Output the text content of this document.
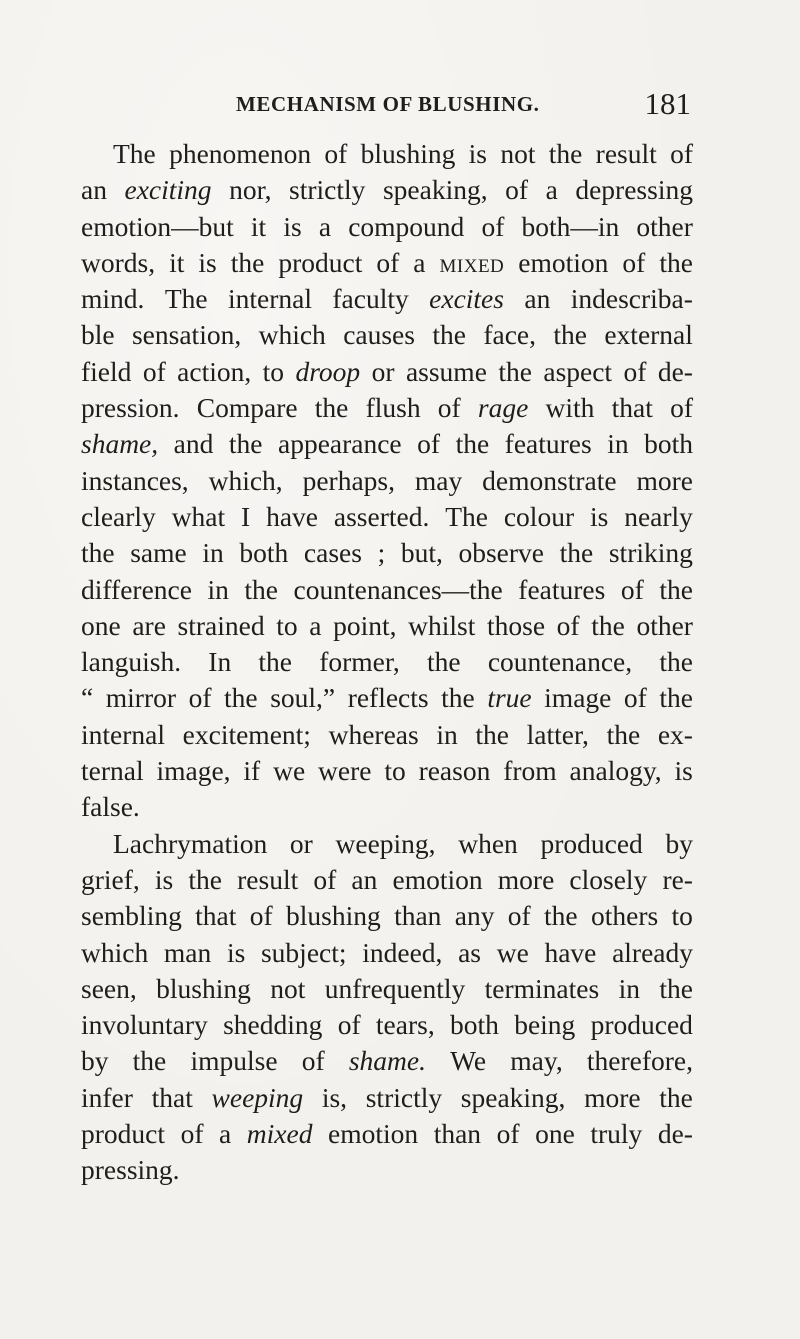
MECHANISM OF BLUSHING.	181
The phenomenon of blushing is not the result of
an exciting nor, strictly speaking, of a depressing
emotion—but it is a compound of both—in other
words, it is the product of a mixed emotion of the
mind. The internal faculty excites an indescriba-
ble sensation, which causes the face, the external
field of action, to droop or assume the aspect of de-
pression. Compare the flush of rage with that of
shame, and the appearance of the features in both
instances, which, perhaps, may demonstrate more
clearly what I have asserted. The colour is nearly
the same in both cases ; but, observe the striking
difference in the countenances—the features of the
one are strained to a point, whilst those of the other
languish. In the former, the countenance, the
“ mirror of the soul,” reflects the true image of the
internal excitement; whereas in the latter, the ex-
ternal image, if we were to reason from analogy, is
false.
Lachrymation or weeping, when produced by
grief, is the result of an emotion more closely re-
sembling that of blushing than any of the others to
which man is subject; indeed, as we have already
seen, blushing not unfrequently terminates in the
involuntary shedding of tears, both being produced
by the impulse of shame. We may, therefore,
infer that weeping is, strictly speaking, more the
product of a mixed emotion than of one truly de-
pressing.
